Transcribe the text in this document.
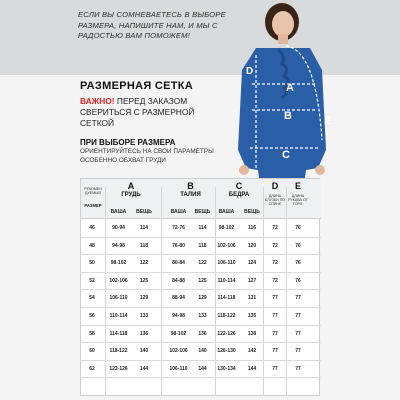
ЕСЛИ ВЫ СОМНЕВАЕТЕСЬ В ВЫБОРЕ РАЗМЕРА, НАПИШИТЕ НАМ, И МЫ С РАДОСТЬЮ ВАМ ПОМОЖЕМ!
A
B
C
D
E
РАЗМЕРНАЯ СЕТКА
ВАЖНО! ПЕРЕД ЗАКАЗОМ СВЕРИТЬСЯ С РАЗМЕРНОЙ СЕТКОЙ
ПРИ ВЫБОРЕ РАЗМЕРА
ОРИЕНТИРУЙТЕСЬ НА СВОИ ПАРАМЕТРЫ ОСОБЕННО ОБХВАТ ГРУДИ
РЕКОМЕН ДУЕМЫЙ
РАЗМЕР
A
ГРУДЬ
ВАША	ВЕЩЬ
B
ТАЛИЯ
ВАША	ВЕЩЬ
C
БЕДРА
ВАША	ВЕЩЬ
D
ДЛИНА БЛУЗКИ ПО СПИНЕ
E
ДЛИНА РУКАВА ОТ ГОРЛ.
46	90-94	114	72-76	114	98-102	116	72	76
48	94-98	118	76-80	118	102-106	120	72	76
50	98-102	122	80-84	122	106-110	124	72	76
52	102-106	125	84-88	125	110-114	127	72	76
54	106-110	129	88-94	129	114-118	131	77	77
56	110-114	133	94-98	133	118-122	135	77	77
58	114-118	136	98-102	136	122-126	138	77	77
60	118-122	140	102-106	140	126-130	142	77	77
62	122-126	144	106-110	144	130-134	144	77	77
